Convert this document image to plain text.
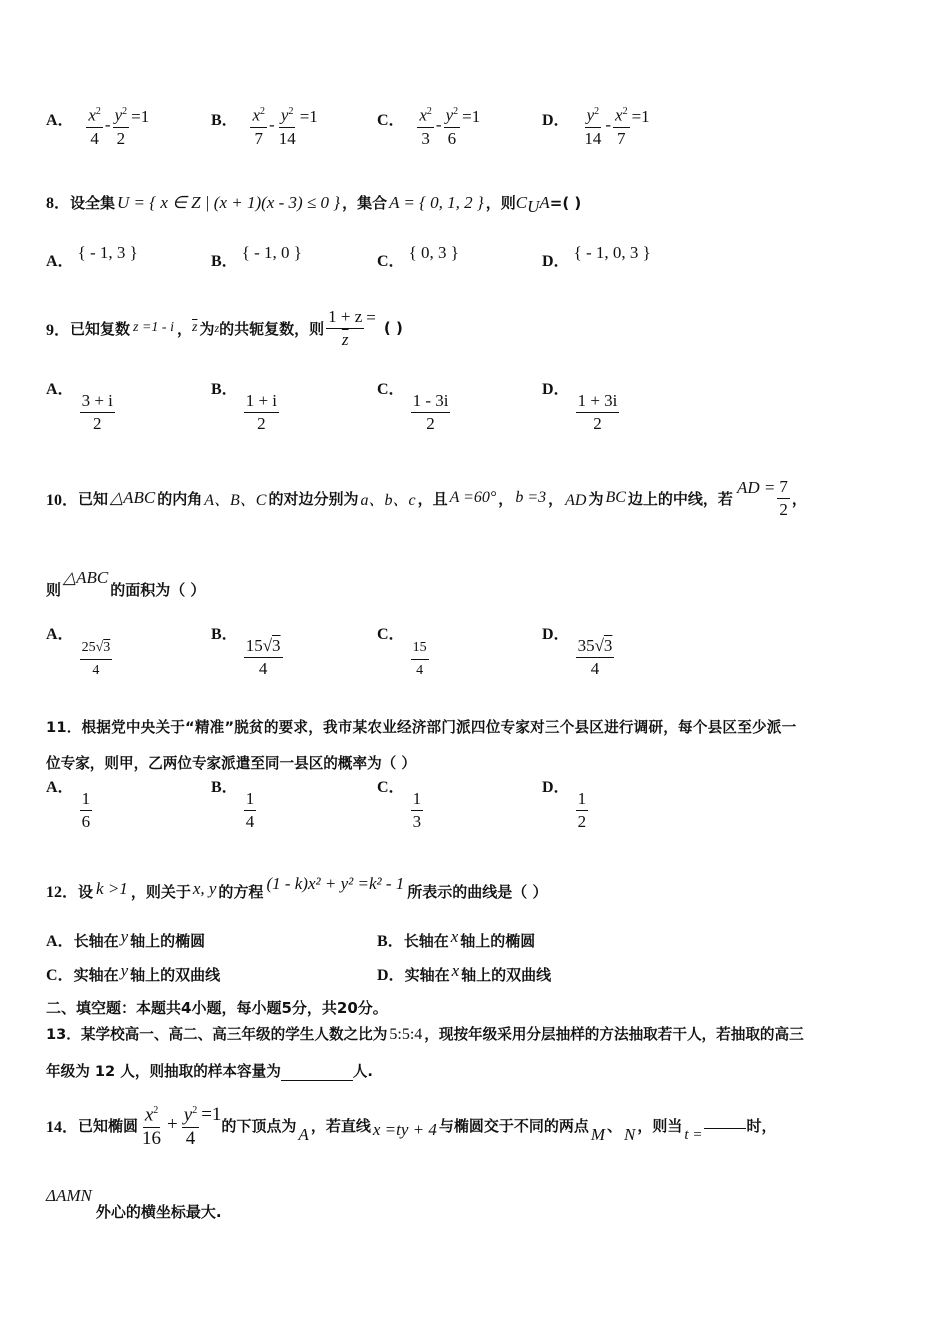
A． $\frac{x^2}{4} - \frac{y^2}{2} =1$	B． $\frac{x^2}{7} - \frac{y^2}{14} =1$	C． $\frac{x^2}{3} - \frac{y^2}{6} =1$	D． $\frac{y^2}{14} - \frac{x^2}{7} =1$
8．设全集 U = { x ∈ Z | (x + 1)(x - 3) ≤ 0 } ，集合 A = { 0, 1, 2 } ，则$C_UA=$( )
A． { - 1, 3 }	B． { - 1, 0 }	C． { 0, 3 }	D． { - 1, 0, 3 }
9． 已知复数 z =1 - i ， $\overline{z}$ 为 z 的共轭复数，则 $\frac{1 + z}{z}$ =
( )
A．
$\frac{3 + i}{2}$
B．
$\frac{1 + i}{2}$
C．
$\frac{1 - 3i}{2}$
D．
$\frac{1 + 3i}{2}$
10． 已知 △ABC 的内角 A、B、C 的对边分别为 a、b、c ，且 A =60° ， b =3 ， AD 为 BC 边上的中线，若
AD = $\frac{7}{2}$ ，
则
△ABC
的面积为（ ）
A．
$\frac{25√3}{4}$
B．
$\frac{15√3}{4}$
C．
$\frac{15}{4}$
D．
$\frac{35√3}{4}$
11．根据党中央关于“精准”脱贫的要求，我市某农业经济部门派四位专家对三个县区进行调研，每个县区至少派一
位专家，则甲，乙两位专家派遣至同一县区的概率为（ ）
A．
$\frac{1}{6}$
B．
$\frac{1}{4}$
C．
$\frac{1}{3}$
D．
$\frac{1}{2}$
12． 设 k >1 ，则关于 x, y 的方程 (1 - k)x² + y² =k² - 1 所表示的曲线是（ ）
A．长轴在 y 轴上的椭圆	B．长轴在 x 轴上的椭圆
C．实轴在 y 轴上的双曲线	D．实轴在 x 轴上的双曲线
二、填空题：本题共4小题，每小题5分，共20分。
13．某学校高一、高二、高三年级的学生人数之比为 5:5:4 ，现按年级采用分层抽样的方法抽取若干人，若抽取的高三
年级为 12 人，则抽取的样本容量为	人.
14． 已知椭圆 $\frac{x^2}{16} + \frac{y^2}{4} =1$
的下顶点为 A ，若直线 x =ty + 4 与椭圆交于不同的两点 M 、 N ，则当 t =	时，
ΔAMN
外心的横坐标最大.
